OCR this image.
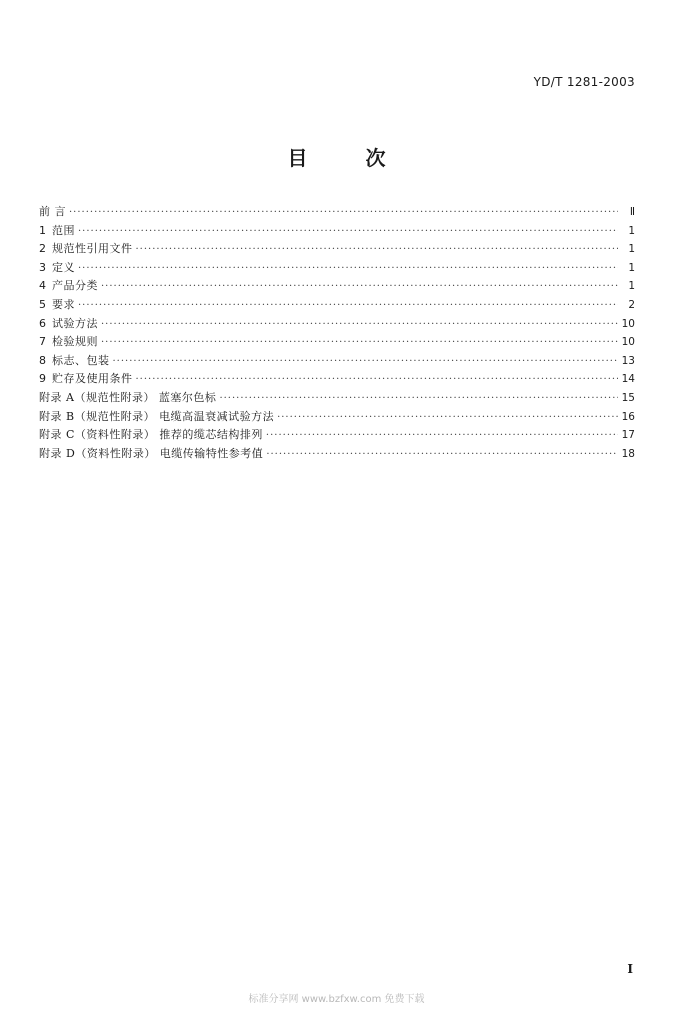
YD/T 1281-2003
目	次
前 言 ·····	Ⅱ
1 范围 ·····	1
2 规范性引用文件 ·····	1
3 定义 ·····	1
4 产品分类 ·····	1
5 要求 ·····	2
6 试验方法 ·····	10
7 检验规则 ·····	10
8 标志、包装 ·····	13
9 贮存及使用条件 ·····	14
附录 A（规范性附录） 蓝塞尔色标 ·····	15
附录 B（规范性附录） 电缆高温衰减试验方法 ·····	16
附录 C（资料性附录） 推荐的缆芯结构排列 ·····	17
附录 D（资料性附录） 电缆传输特性参考值 ·····	18
I
标准分享网 www.bzfxw.com 免费下载
